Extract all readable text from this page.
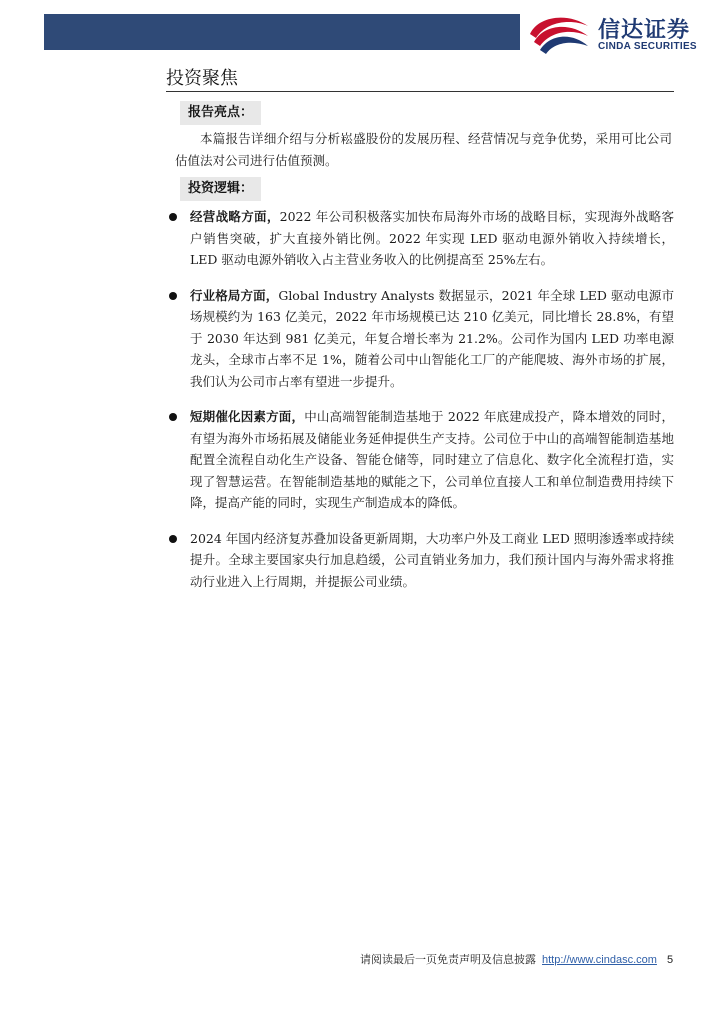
信达证券
CINDA SECURITIES
投资聚焦
报告亮点：

本篇报告详细介绍与分析崧盛股份的发展历程、经营情况与竞争优势，采用可比公司估值法对公司进行估值预测。

投资逻辑：
经营战略方面，2022 年公司积极落实加快布局海外市场的战略目标，实现海外战略客户销售突破，扩大直接外销比例。2022 年实现 LED 驱动电源外销收入持续增长，LED 驱动电源外销收入占主营业务收入的比例提高至 25%左右。
行业格局方面，Global Industry Analysts 数据显示，2021 年全球 LED 驱动电源市场规模约为 163 亿美元，2022 年市场规模已达 210 亿美元，同比增长 28.8%，有望于 2030 年达到 981 亿美元，年复合增长率为 21.2%。公司作为国内 LED 功率电源龙头，全球市占率不足 1%，随着公司中山智能化工厂的产能爬坡、海外市场的扩展，我们认为公司市占率有望进一步提升。
短期催化因素方面，中山高端智能制造基地于 2022 年底建成投产，降本增效的同时，有望为海外市场拓展及储能业务延伸提供生产支持。公司位于中山的高端智能制造基地配置全流程自动化生产设备、智能仓储等，同时建立了信息化、数字化全流程打造，实现了智慧运营。在智能制造基地的赋能之下，公司单位直接人工和单位制造费用持续下降，提高产能的同时，实现生产制造成本的降低。
2024 年国内经济复苏叠加设备更新周期，大功率户外及工商业 LED 照明渗透率或持续提升。全球主要国家央行加息趋缓，公司直销业务加力，我们预计国内与海外需求将推动行业进入上行周期，并提振公司业绩。
请阅读最后一页免责声明及信息披露 http://www.cindasc.com 5
